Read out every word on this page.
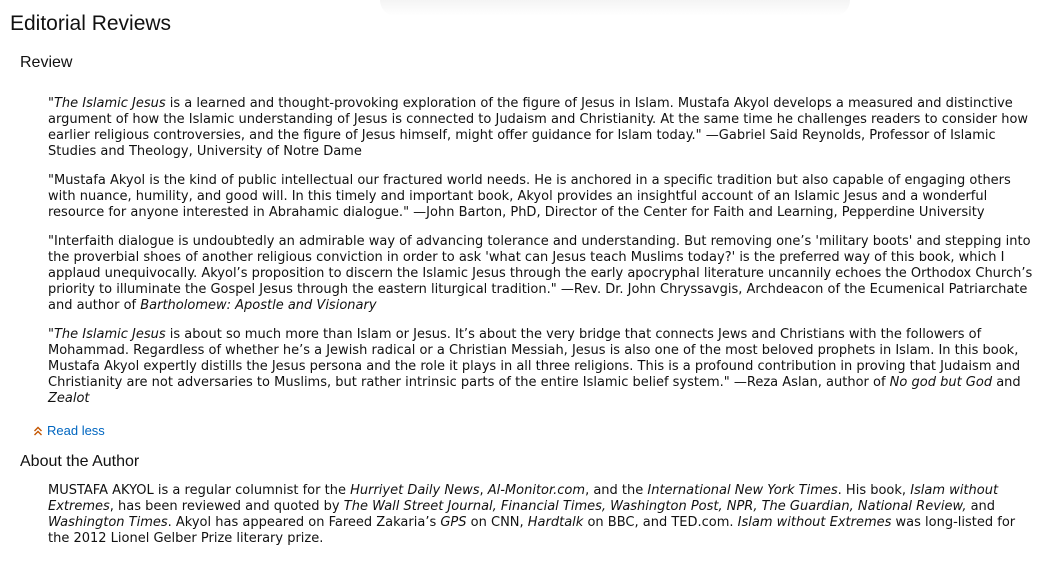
Editorial Reviews
Review

"The Islamic Jesus is a learned and thought-provoking exploration of the figure of Jesus in Islam. Mustafa Akyol develops a measured and distinctive argument of how the Islamic understanding of Jesus is connected to Judaism and Christianity. At the same time he challenges readers to consider how earlier religious controversies, and the figure of Jesus himself, might offer guidance for Islam today." —Gabriel Said Reynolds, Professor of Islamic Studies and Theology, University of Notre Dame

"Mustafa Akyol is the kind of public intellectual our fractured world needs. He is anchored in a specific tradition but also capable of engaging others with nuance, humility, and good will. In this timely and important book, Akyol provides an insightful account of an Islamic Jesus and a wonderful resource for anyone interested in Abrahamic dialogue." —John Barton, PhD, Director of the Center for Faith and Learning, Pepperdine University

"Interfaith dialogue is undoubtedly an admirable way of advancing tolerance and understanding. But removing one’s 'military boots' and stepping into the proverbial shoes of another religious conviction in order to ask 'what can Jesus teach Muslims today?' is the preferred way of this book, which I applaud unequivocally. Akyol’s proposition to discern the Islamic Jesus through the early apocryphal literature uncannily echoes the Orthodox Church’s priority to illuminate the Gospel Jesus through the eastern liturgical tradition." —Rev. Dr. John Chryssavgis, Archdeacon of the Ecumenical Patriarchate and author of Bartholomew: Apostle and Visionary

"The Islamic Jesus is about so much more than Islam or Jesus. It’s about the very bridge that connects Jews and Christians with the followers of Mohammad. Regardless of whether he’s a Jewish radical or a Christian Messiah, Jesus is also one of the most beloved prophets in Islam. In this book, Mustafa Akyol expertly distills the Jesus persona and the role it plays in all three religions. This is a profound contribution in proving that Judaism and Christianity are not adversaries to Muslims, but rather intrinsic parts of the entire Islamic belief system." —Reza Aslan, author of No god but God and Zealot

Read less
About the Author

MUSTAFA AKYOL is a regular columnist for the Hurriyet Daily News, Al-Monitor.com, and the International New York Times. His book, Islam without Extremes, has been reviewed and quoted by The Wall Street Journal, Financial Times, Washington Post, NPR, The Guardian, National Review, and Washington Times. Akyol has appeared on Fareed Zakaria’s GPS on CNN, Hardtalk on BBC, and TED.com. Islam without Extremes was long-listed for the 2012 Lionel Gelber Prize literary prize.
